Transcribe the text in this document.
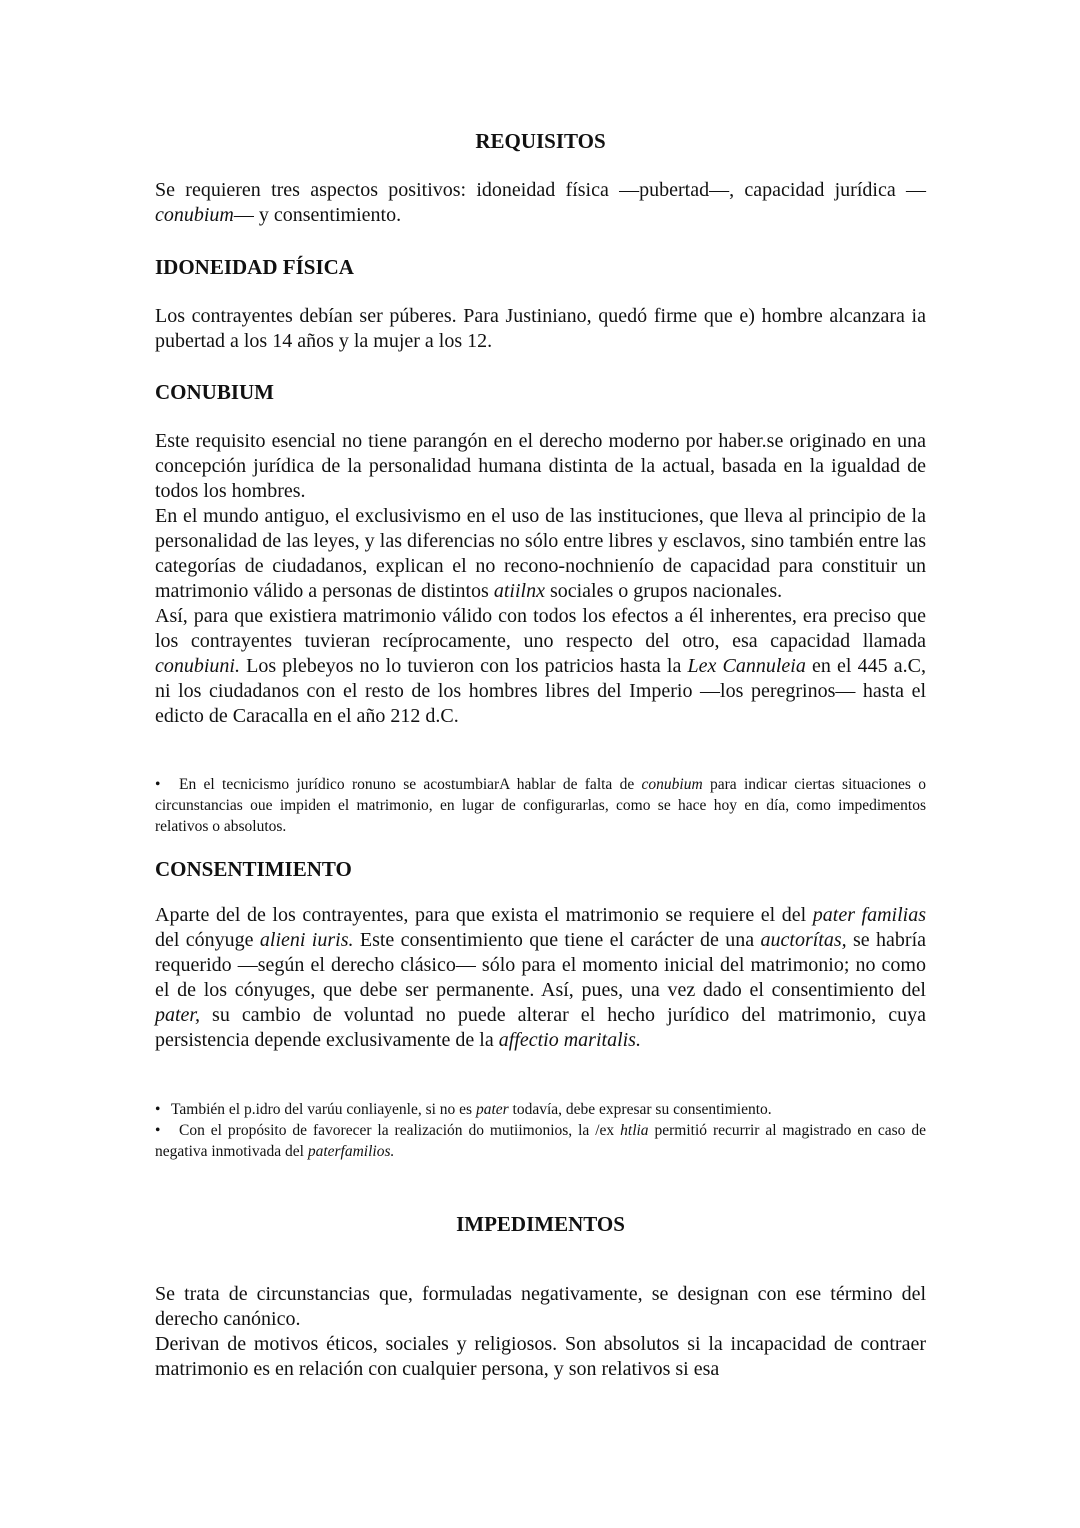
REQUISITOS

Se requieren tres aspectos positivos: idoneidad física —pubertad—, capacidad jurídica —conubium— y consentimiento.

IDONEIDAD FÍSICA

Los contrayentes debían ser púberes. Para Justiniano, quedó firme que e) hombre alcanzara ia pubertad a los 14 años y la mujer a los 12.

CONUBIUM

Este requisito esencial no tiene parangón en el derecho moderno por haber.se originado en una concepción jurídica de la personalidad humana distinta de la actual, basada en la igualdad de todos los hombres.

En el mundo antiguo, el exclusivismo en el uso de las instituciones, que lleva al principio de la personalidad de las leyes, y las diferencias no sólo entre libres y esclavos, sino también entre las categorías de ciudadanos, explican el no recono-nochnienío de capacidad para constituir un matrimonio válido a personas de distintos atiilnx sociales o grupos nacionales.

Así, para que existiera matrimonio válido con todos los efectos a él inherentes, era preciso que los contrayentes tuvieran recíprocamente, uno respecto del otro, esa capacidad llamada conubiuni. Los plebeyos no lo tuvieron con los patricios hasta la Lex Cannuleia en el 445 a.C, ni los ciudadanos con el resto de los hombres libres del Imperio —los peregrinos— hasta el edicto de Caracalla en el año 212 d.C.

• En el tecnicismo jurídico ronuno se acostumbiarA hablar de falta de conubium para indicar ciertas situaciones o circunstancias oue impiden el matrimonio, en lugar de configurarlas, como se hace hoy en día, como impedimentos relativos o absolutos.

CONSENTIMIENTO

Aparte del de los contrayentes, para que exista el matrimonio se requiere el del pater familias del cónyuge alieni iuris. Este consentimiento que tiene el carácter de una auctorítas, se habría requerido —según el derecho clásico— sólo para el momento inicial del matrimonio; no como el de los cónyuges, que debe ser permanente. Así, pues, una vez dado el consentimiento del pater, su cambio de voluntad no puede alterar el hecho jurídico del matrimonio, cuya persistencia depende exclusivamente de la affectio maritalis.

• También el p.idro del varúu conliayenle, si no es pater todavía, debe expresar su consentimiento.

• Con el propósito de favorecer la realización do mutiimonios, la /ex htlia permitió recurrir al magistrado en caso de negativa inmotivada del paterfamilios.

IMPEDIMENTOS

Se trata de circunstancias que, formuladas negativamente, se designan con ese término del derecho canónico.

Derivan de motivos éticos, sociales y religiosos. Son absolutos si la incapacidad de contraer matrimonio es en relación con cualquier persona, y son relativos si esa
